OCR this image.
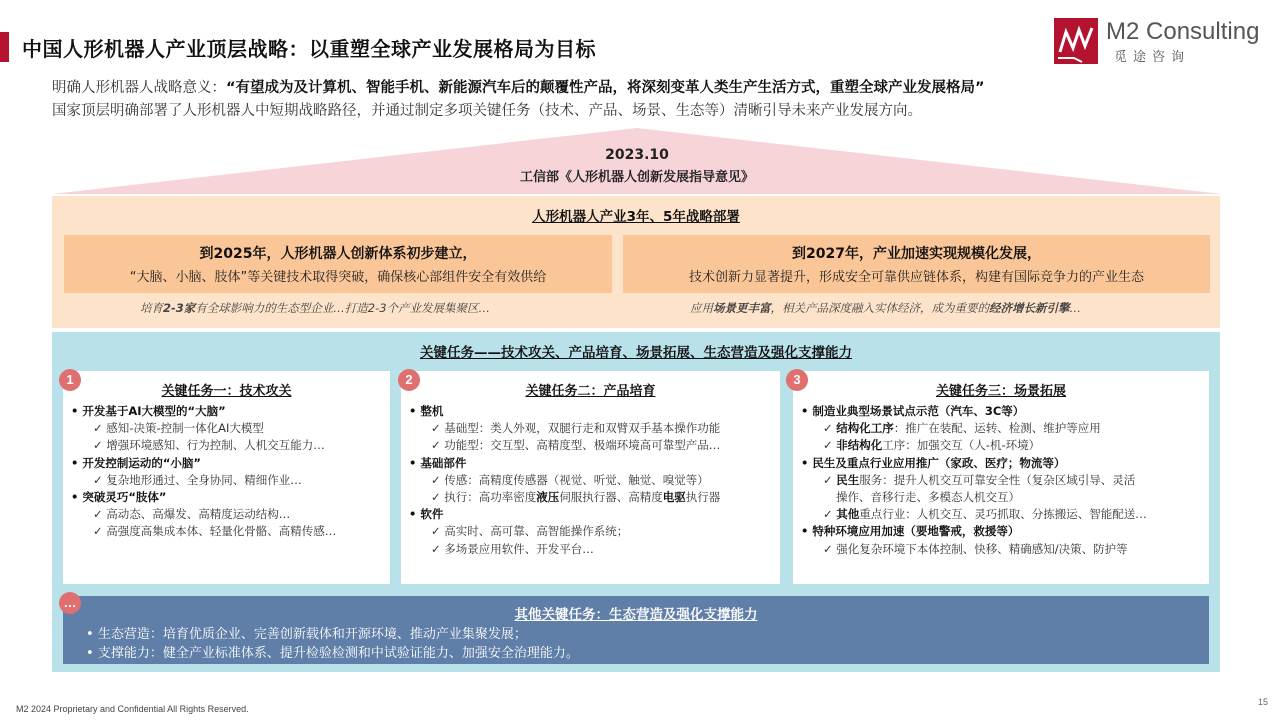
中国人形机器人产业顶层战略：以重塑全球产业发展格局为目标
M2 Consulting
觅途咨询
明确人形机器人战略意义：“有望成为及计算机、智能手机、新能源汽车后的颠覆性产品，将深刻变革人类生产生活方式，重塑全球产业发展格局”
国家顶层明确部署了人形机器人中短期战略路径，并通过制定多项关键任务（技术、产品、场景、生态等）清晰引导未来产业发展方向。
2023.10
工信部《人形机器人创新发展指导意见》
人形机器人产业3年、5年战略部署
到2025年，人形机器人创新体系初步建立，
“大脑、小脑、肢体”等关键技术取得突破，确保核心部组件安全有效供给
到2027年，产业加速实现规模化发展，
技术创新力显著提升，形成安全可靠供应链体系，构建有国际竞争力的产业生态
培育2-3家有全球影响力的生态型企业…打造2-3个产业发展集聚区…	应用场景更丰富，相关产品深度融入实体经济，成为重要的经济增长新引擎…
关键任务——技术攻关、产品培育、场景拓展、生态营造及强化支撑能力
关键任务一：技术攻关
• 开发基于AI大模型的“大脑”
✓ 感知-决策-控制一体化AI大模型
✓ 增强环境感知、行为控制、人机交互能力…
• 开发控制运动的“小脑”
✓ 复杂地形通过、全身协同、精细作业…
• 突破灵巧“肢体”
✓ 高动态、高爆发、高精度运动结构…
✓ 高强度高集成本体、轻量化骨骼、高精传感…
关键任务二：产品培育
• 整机
✓ 基础型：类人外观，双腿行走和双臂双手基本操作功能
✓ 功能型：交互型、高精度型、极端环境高可靠型产品…
• 基础部件
✓ 传感：高精度传感器（视觉、听觉、触觉、嗅觉等）
✓ 执行：高功率密度液压伺服执行器、高精度电驱执行器
• 软件
✓ 高实时、高可靠、高智能操作系统；
✓ 多场景应用软件、开发平台…
关键任务三：场景拓展
• 制造业典型场景试点示范（汽车、3C等）
✓ 结构化工序：推广在装配、运转、检测、维护等应用
✓ 非结构化工序：加强交互（人-机-环境）
• 民生及重点行业应用推广（家政、医疗；物流等）
✓ 民生服务：提升人机交互可靠安全性（复杂区域引导、灵活
操作、音移行走、多模态人机交互）
✓ 其他重点行业：人机交互、灵巧抓取、分拣搬运、智能配送…
• 特种环境应用加速（要地警戒，救援等）
✓ 强化复杂环境下本体控制、快移、精确感知/决策、防护等
1	2	3
…
其他关键任务：生态营造及强化支撑能力
• 生态营造：培育优质企业、完善创新载体和开源环境、推动产业集聚发展；
• 支撑能力：健全产业标准体系、提升检验检测和中试验证能力、加强安全治理能力。
M2 2024 Proprietary and Confidential All Rights Reserved.
15
